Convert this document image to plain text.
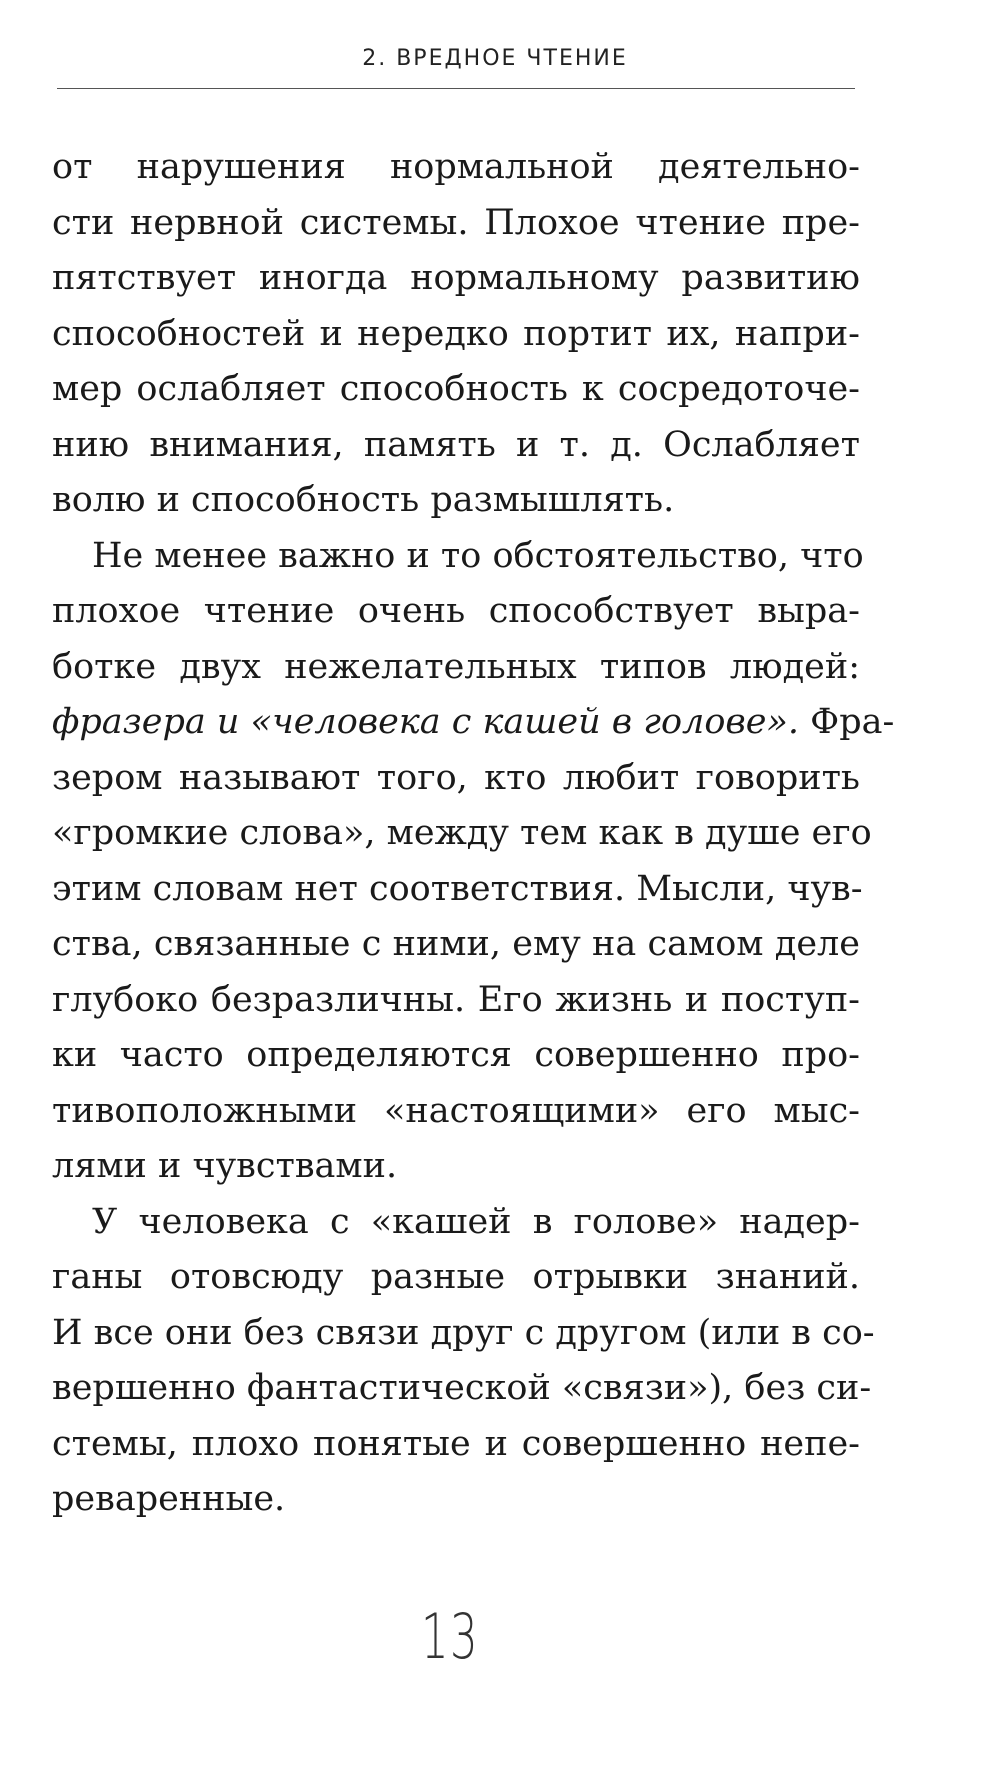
2. ВРЕДНОЕ ЧТЕНИЕ

от нарушения нормальной деятельно-
сти нервной системы. Плохое чтение пре-
пятствует иногда нормальному развитию
способностей и нередко портит их, напри-
мер ослабляет способность к сосредоточе-
нию внимания, память и т. д. Ослабляет
волю и способность размышлять.

Не менее важно и то обстоятельство, что
плохое чтение очень способствует выра-
ботке двух нежелательных типов людей:
фразера и «человека с кашей в голове». Фра-
зером называют того, кто любит говорить
«громкие слова», между тем как в душе его
этим словам нет соответствия. Мысли, чув-
ства, связанные с ними, ему на самом деле
глубоко безразличны. Его жизнь и поступ-
ки часто определяются совершенно про-
тивоположными «настоящими» его мыс-
лями и чувствами.

У человека с «кашей в голове» надер-
ганы отовсюду разные отрывки знаний.
И все они без связи друг с другом (или в со-
вершенно фантастической «связи»), без си-
стемы, плохо понятые и совершенно непе-
реваренные.

13
